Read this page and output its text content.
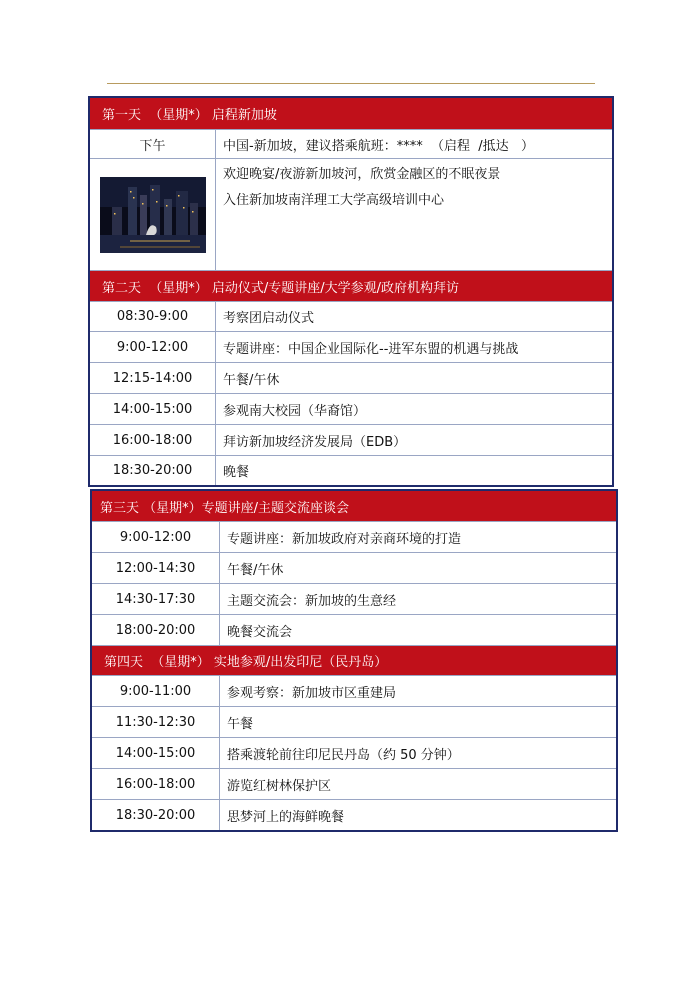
第一天  （星期*） 启程新加坡
下午	中国-新加坡，建议搭乘航班：****  （启程  /抵达   ）
欢迎晚宴/夜游新加坡河，欣赏金融区的不眠夜景
入住新加坡南洋理工大学高级培训中心
第二天  （星期*） 启动仪式/专题讲座/大学参观/政府机构拜访
08:30-9:00	考察团启动仪式
9:00-12:00	专题讲座：中国企业国际化--进军东盟的机遇与挑战
12:15-14:00	午餐/午休
14:00-15:00	参观南大校园（华裔馆）
16:00-18:00	拜访新加坡经济发展局（EDB）
18:30-20:00	晚餐
第三天 （星期*）专题讲座/主题交流座谈会
9:00-12:00	专题讲座：新加坡政府对亲商环境的打造
12:00-14:30	午餐/午休
14:30-17:30	主题交流会：新加坡的生意经
18:00-20:00	晚餐交流会
第四天  （星期*） 实地参观/出发印尼（民丹岛）
9:00-11:00	参观考察：新加坡市区重建局
11:30-12:30	午餐
14:00-15:00	搭乘渡轮前往印尼民丹岛（约 50 分钟）
16:00-18:00	游览红树林保护区
18:30-20:00	思梦河上的海鲜晚餐
